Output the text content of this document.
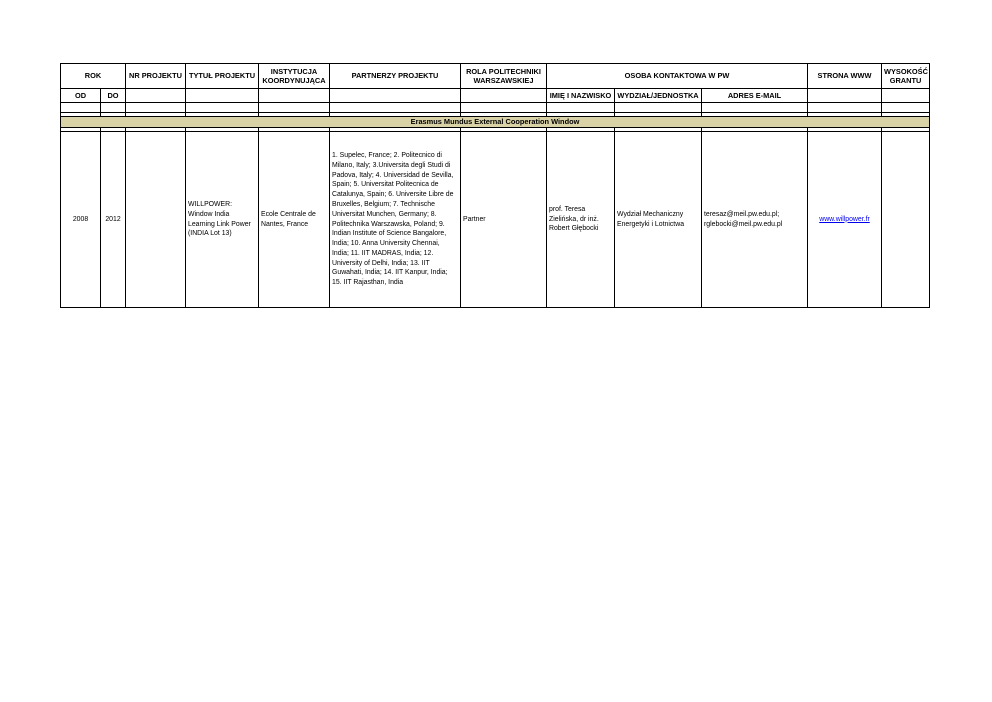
ROK		NR PROJEKTU	TYTUŁ PROJEKTU	INSTYTUCJA KOORDYNUJĄCA	PARTNERZY PROJEKTU	ROLA POLITECHNIKI WARSZAWSKIEJ	OSOBA KONTAKTOWA W PW			STRONA WWW	WYSOKOŚĆ GRANTU
OD	DO						IMIĘ I NAZWISKO	WYDZIAŁ/JEDNOSTKA	ADRES E-MAIL		

Erasmus Mundus External Cooperation Window											

2008	2012		WILLPOWER: Window India Learning Link Power (INDIA Lot 13)	Ecole Centrale de Nantes, France	1. Supelec, France; 2. Politecnico di Milano, Italy; 3.Universita degli Studi di Padova, Italy; 4. Universidad de Sevilla, Spain; 5. Universitat Politecnica de Catalunya, Spain; 6. Universite Libre de Bruxelles, Belgium; 7. Technische Universitat Munchen, Germany; 8. Politechnika Warszawska, Poland; 9. Indian Institute of Science Bangalore, India; 10. Anna University Chennai, India; 11. IIT MADRAS, India; 12. University of Delhi, India; 13. IIT Guwahati, India; 14. IIT Kanpur, India; 15. IIT Rajasthan, India	Partner	prof. Teresa Zielińska, dr inż. Robert Głębocki	Wydział Mechaniczny Energetyki i Lotnictwa	teresaz@meil.pw.edu.pl; rglebocki@meil.pw.edu.pl	www.willpower.fr	
